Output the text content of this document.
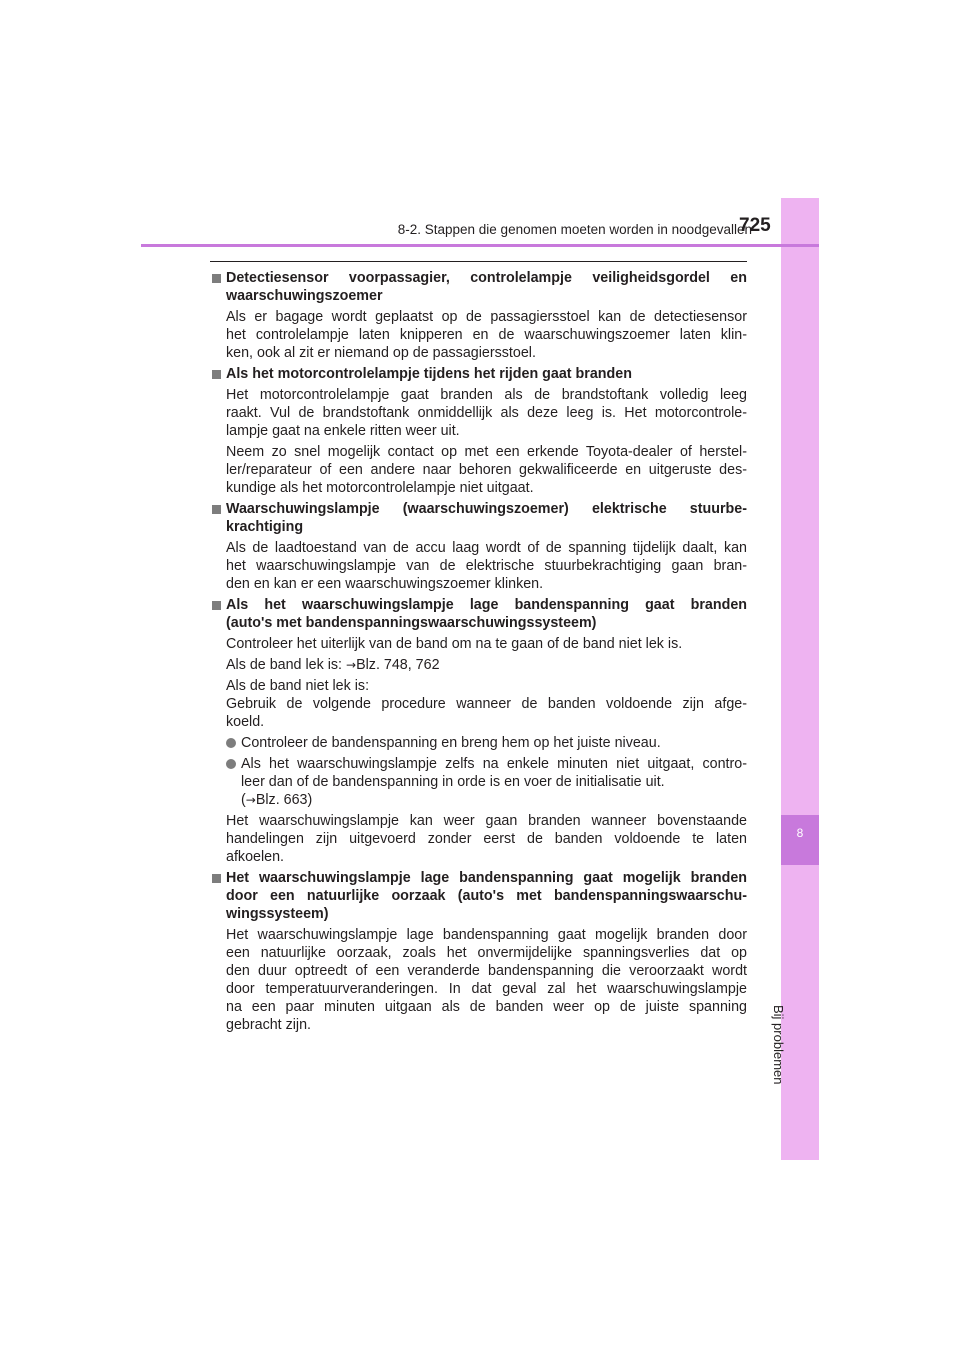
8
Bij problemen
8-2. Stappen die genomen moeten worden in noodgevallen
725
Detectiesensor voorpassagier, controlelampje veiligheidsgordel en
waarschuwingszoemer
Als er bagage wordt geplaatst op de passagiersstoel kan de detectiesensor
het controlelampje laten knipperen en de waarschuwingszoemer laten klin-
ken, ook al zit er niemand op de passagiersstoel.
Als het motorcontrolelampje tijdens het rijden gaat branden
Het motorcontrolelampje gaat branden als de brandstoftank volledig leeg
raakt. Vul de brandstoftank onmiddellijk als deze leeg is. Het motorcontrole-
lampje gaat na enkele ritten weer uit.
Neem zo snel mogelijk contact op met een erkende Toyota-dealer of herstel-
ler/reparateur of een andere naar behoren gekwalificeerde en uitgeruste des-
kundige als het motorcontrolelampje niet uitgaat.
Waarschuwingslampje (waarschuwingszoemer) elektrische stuurbe-
krachtiging
Als de laadtoestand van de accu laag wordt of de spanning tijdelijk daalt, kan
het waarschuwingslampje van de elektrische stuurbekrachtiging gaan bran-
den en kan er een waarschuwingszoemer klinken.
Als het waarschuwingslampje lage bandenspanning gaat branden
(auto's met bandenspanningswaarschuwingssysteem)
Controleer het uiterlijk van de band om na te gaan of de band niet lek is.
Als de band lek is: →Blz. 748, 762
Als de band niet lek is:
Gebruik de volgende procedure wanneer de banden voldoende zijn afge-
koeld.
Controleer de bandenspanning en breng hem op het juiste niveau.
Als het waarschuwingslampje zelfs na enkele minuten niet uitgaat, contro-
leer dan of de bandenspanning in orde is en voer de initialisatie uit.
(→Blz. 663)
Het waarschuwingslampje kan weer gaan branden wanneer bovenstaande
handelingen zijn uitgevoerd zonder eerst de banden voldoende te laten
afkoelen.
Het waarschuwingslampje lage bandenspanning gaat mogelijk branden
door een natuurlijke oorzaak (auto's met bandenspanningswaarschu-
wingssysteem)
Het waarschuwingslampje lage bandenspanning gaat mogelijk branden door
een natuurlijke oorzaak, zoals het onvermijdelijke spanningsverlies dat op
den duur optreedt of een veranderde bandenspanning die veroorzaakt wordt
door temperatuurveranderingen. In dat geval zal het waarschuwingslampje
na een paar minuten uitgaan als de banden weer op de juiste spanning
gebracht zijn.
